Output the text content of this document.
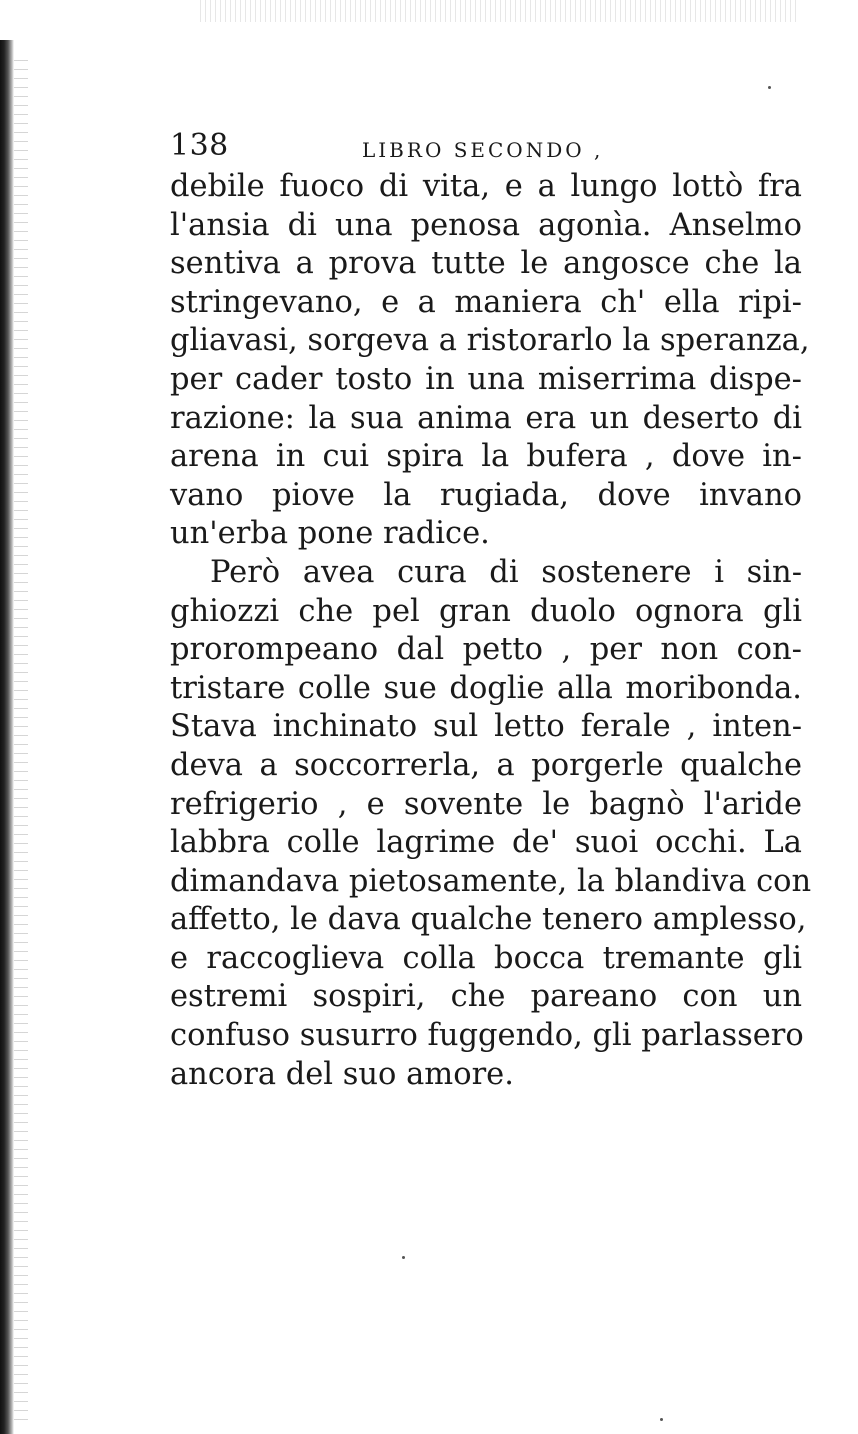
138	LIBRO SECONDO ,
debile fuoco di vita, e a lungo lottò fra
l'ansia di una penosa agonìa. Anselmo
sentiva a prova tutte le angosce che la
stringevano, e a maniera ch' ella ripi-
gliavasi, sorgeva a ristorarlo la speranza,
per cader tosto in una miserrima dispe-
razione: la sua anima era un deserto di
arena in cui spira la bufera , dove in-
vano piove la rugiada, dove invano
un'erba pone radice.
Però avea cura di sostenere i sin-
ghiozzi che pel gran duolo ognora gli
prorompeano dal petto , per non con-
tristare colle sue doglie alla moribonda.
Stava inchinato sul letto ferale , inten-
deva a soccorrerla, a porgerle qualche
refrigerio , e sovente le bagnò l'aride
labbra colle lagrime de' suoi occhi. La
dimandava pietosamente, la blandiva con
affetto, le dava qualche tenero amplesso,
e raccoglieva colla bocca tremante gli
estremi sospiri, che pareano con un
confuso susurro fuggendo, gli parlassero
ancora del suo amore.
